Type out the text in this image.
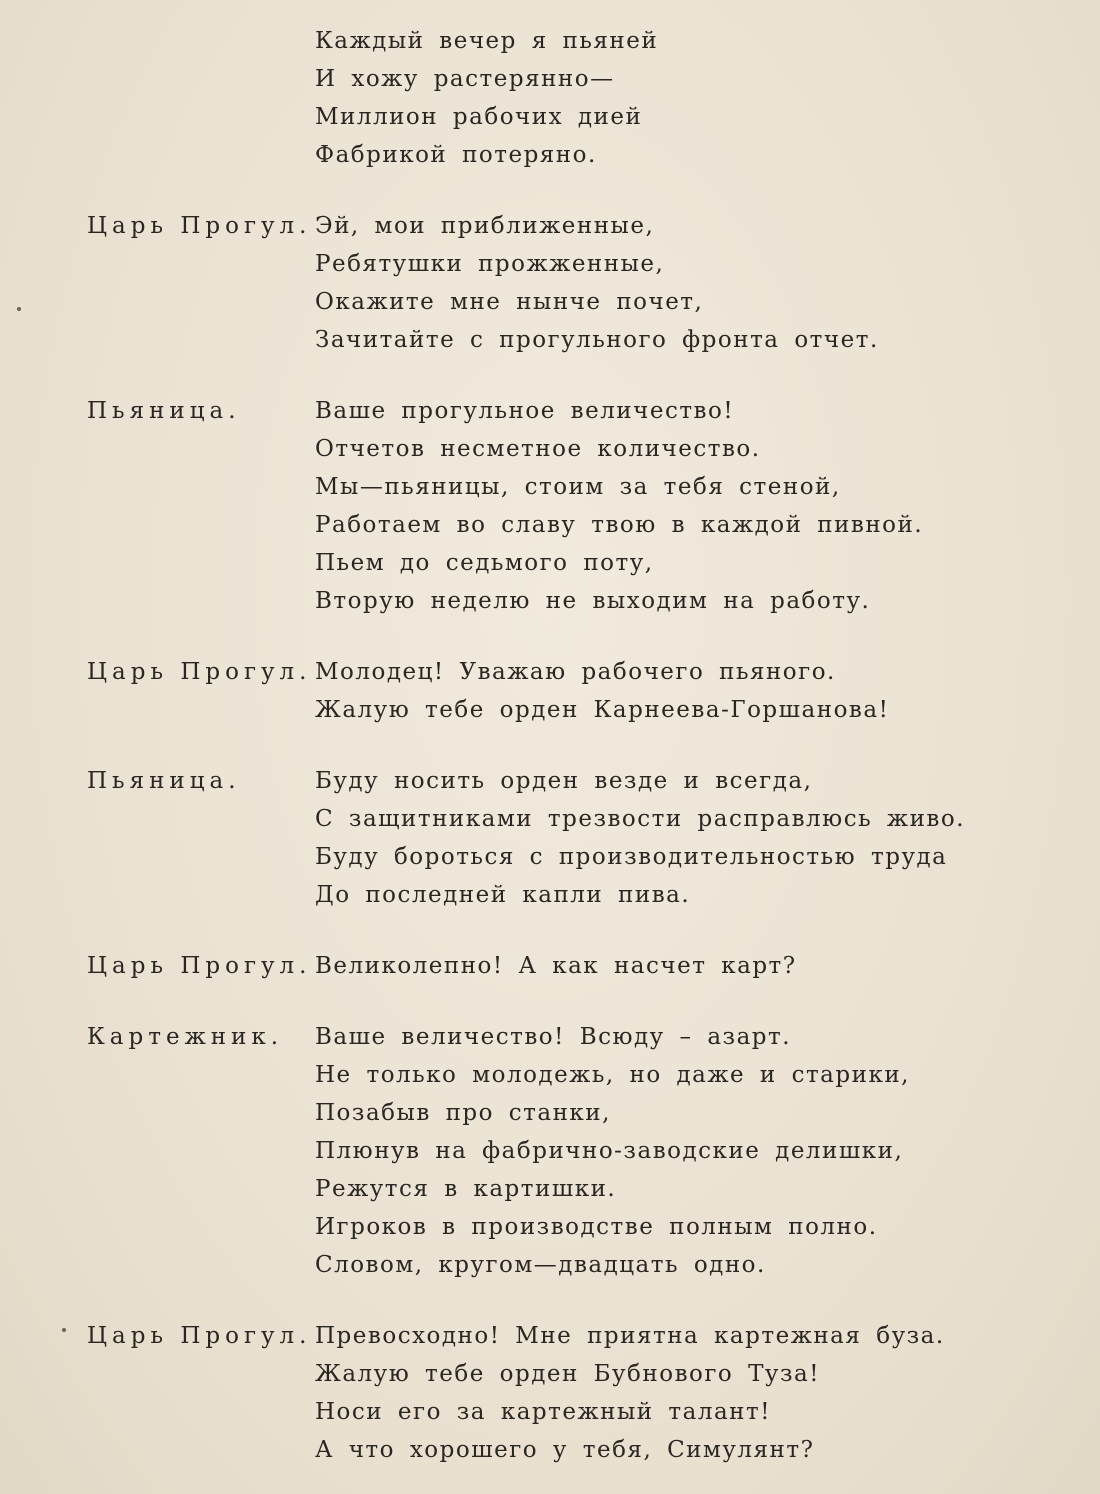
Каждый вечер я пьяней
И хожу растерянно—
Миллион рабочих дией
Фабрикой потеряно.
Царь Прогул. Эй, мои приближенные,
Ребятушки прожженные,
Окажите мне нынче почет,
Зачитайте с прогульного фронта отчет.
Пьяница.	Ваше прогульное величество!
Отчетов несметное количество.
Мы—пьяницы, стоим за тебя стеной,
Работаем во славу твою в каждой пивной.
Пьем до седьмого поту,
Вторую неделю не выходим на работу.
Царь Прогул. Молодец! Уважаю рабочего пьяного.
Жалую тебе орден Карнеева-Горшанова!
Пьяница.	Буду носить орден везде и всегда,
С защитниками трезвости расправлюсь живо.
Буду бороться с производительностью труда
До последней капли пива.
Царь Прогул. Великолепно! А как насчет карт?
Картежник.	Ваше величество! Всюду – азарт.
Не только молодежь, но даже и старики,
Позабыв про станки,
Плюнув на фабрично-заводские делишки,
Режутся в картишки.
Игроков в производстве полным полно.
Словом, кругом—двадцать одно.
Царь Прогул. Превосходно! Мне приятна картежная буза.
Жалую тебе орден Бубнового Туза!
Носи его за картежный талант!
А что хорошего у тебя, Симулянт?
